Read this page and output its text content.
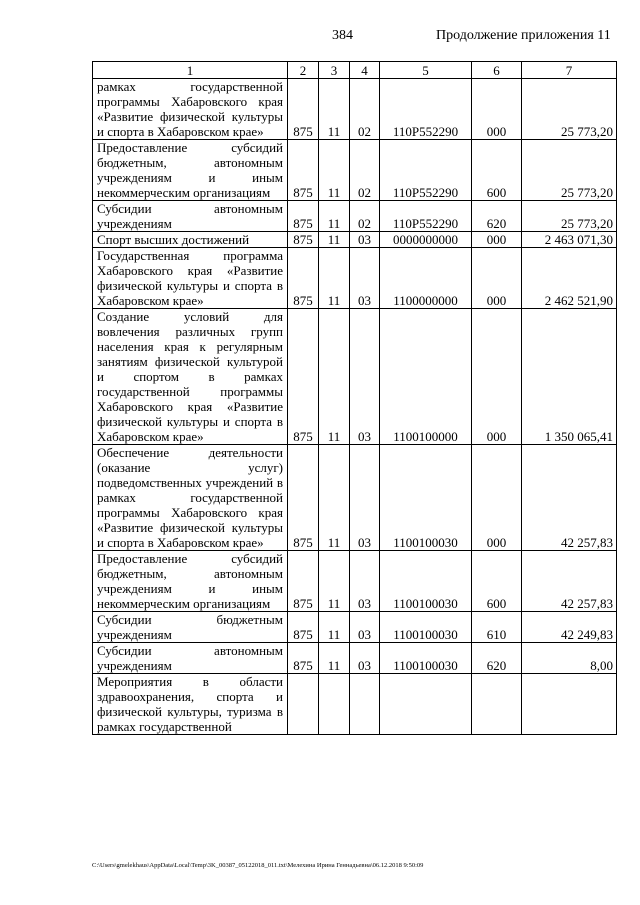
384	Продолжение приложения 11
1	2	3	4	5	6	7
рамках государственной программы Хабаровского края «Развитие физической культуры и спорта в Хабаровском крае»	875	11	02	110P552290	000	25 773,20
Предоставление субсидий бюджетным, автономным учреждениям и иным некоммерческим организациям	875	11	02	110P552290	600	25 773,20
Субсидии автономным учреждениям	875	11	02	110P552290	620	25 773,20
Спорт высших достижений	875	11	03	0000000000	000	2 463 071,30
Государственная программа Хабаровского края «Развитие физической культуры и спорта в Хабаровском крае»	875	11	03	1100000000	000	2 462 521,90
Создание условий для вовлечения различных групп населения края к регулярным занятиям физической культурой и спортом в рамках государственной программы Хабаровского края «Развитие физической культуры и спорта в Хабаровском крае»	875	11	03	1100100000	000	1 350 065,41
Обеспечение деятельности (оказание услуг) подведомственных учреждений в рамках государственной программы Хабаровского края «Развитие физической культуры и спорта в Хабаровском крае»	875	11	03	1100100030	000	42 257,83
Предоставление субсидий бюджетным, автономным учреждениям и иным некоммерческим организациям	875	11	03	1100100030	600	42 257,83
Субсидии бюджетным учреждениям	875	11	03	1100100030	610	42 249,83
Субсидии автономным учреждениям	875	11	03	1100100030	620	8,00
Мероприятия в области здравоохранения, спорта и физической культуры, туризма в рамках государственной						
C:\Users\gmelekhaus\AppData\Local\Temp\3K_00387_05122018_011.txt\Мелехина Ирина Геннадьевна\06.12.2018 9:50:09
